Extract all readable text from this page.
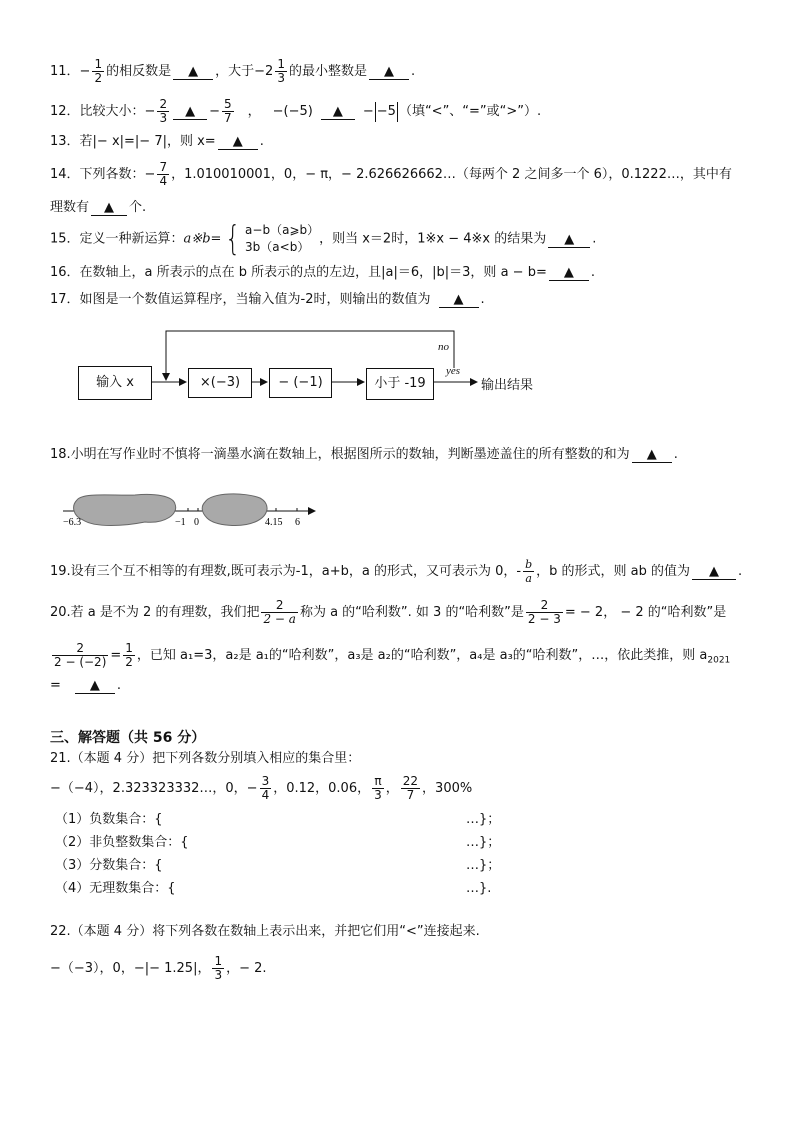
11．− $\frac{1}{2}$ 的相反数是 ▲ ，大于$-2 \frac{1}{3}$ 的最小整数是 ▲ .
12．比较大小：− $\frac{2}{3}$ ▲ − $\frac{5}{7}$ ， −(−5) ▲ − −5 （填“<”、“=”或“>”）.
13．若|− x|=|− 7|，则 x= ▲ .
14．下列各数：− $\frac{7}{4}$ ，1.010010001，0，− π，− 2.626626662…（每两个 2 之间多一个 6），0.1222…，其中有
理数有 ▲ 个.
15．定义一种新运算：a※b= { a−b（a⩾b）
3b（a<b）
，则当 x＝2时，1※x − 4※x 的结果为 ▲ .
16．在数轴上，a 所表示的点在 b 所表示的点的左边，且|a|＝6，|b|＝3，则 a − b= ▲ .
17．如图是一个数值运算程序，当输入值为-2时，则输出的数值为 ▲ .
输入 x	×(−3)	− (−1)	小于 -19
no
yes
输出结果
18.小明在写作业时不慎将一滴墨水滴在数轴上，根据图所示的数轴，判断墨迹盖住的所有整数的和为 ▲ .
−6.3	−1 0	4.15 6
19.设有三个互不相等的有理数,既可表示为-1，a+b，a 的形式，又可表示为 0，- $\frac{b}{a}$ ，b 的形式，则 ab 的值为 ▲ .
20.若 a 是不为 2 的有理数，我们把 $\frac{2}{2 - a}$ 称为 a 的“哈利数”. 如 3 的“哈利数”是 $\frac{2}{2 - 3}$ = − 2， − 2 的“哈利数”是
$\frac{2}{2 - (-2)} = \frac{1}{2}$ ，已知 a₁=3，a₂是 a₁的“哈利数”，a₃是 a₂的“哈利数”，a₄是 a₃的“哈利数”，…，依此类推，则 $a_{2021}$
= ▲ .
三、解答题（共 56 分）
21.（本题 4 分）把下列各数分别填入相应的集合里：
−（−4），2.323323332…，0，− $\frac{3}{4}$ ，0.12，0.06， $\frac{\pi}{3}$ ， $\frac{22}{7}$ ，300%
（1）负数集合：{	…}；
（2）非负整数集合：{	…}；
（3）分数集合：{	…}；
（4）无理数集合：{	…}.
22.（本题 4 分）将下列各数在数轴上表示出来，并把它们用“<”连接起来.
−（−3），0，−|− 1.25|， $\frac{1}{3}$ ，− 2.
